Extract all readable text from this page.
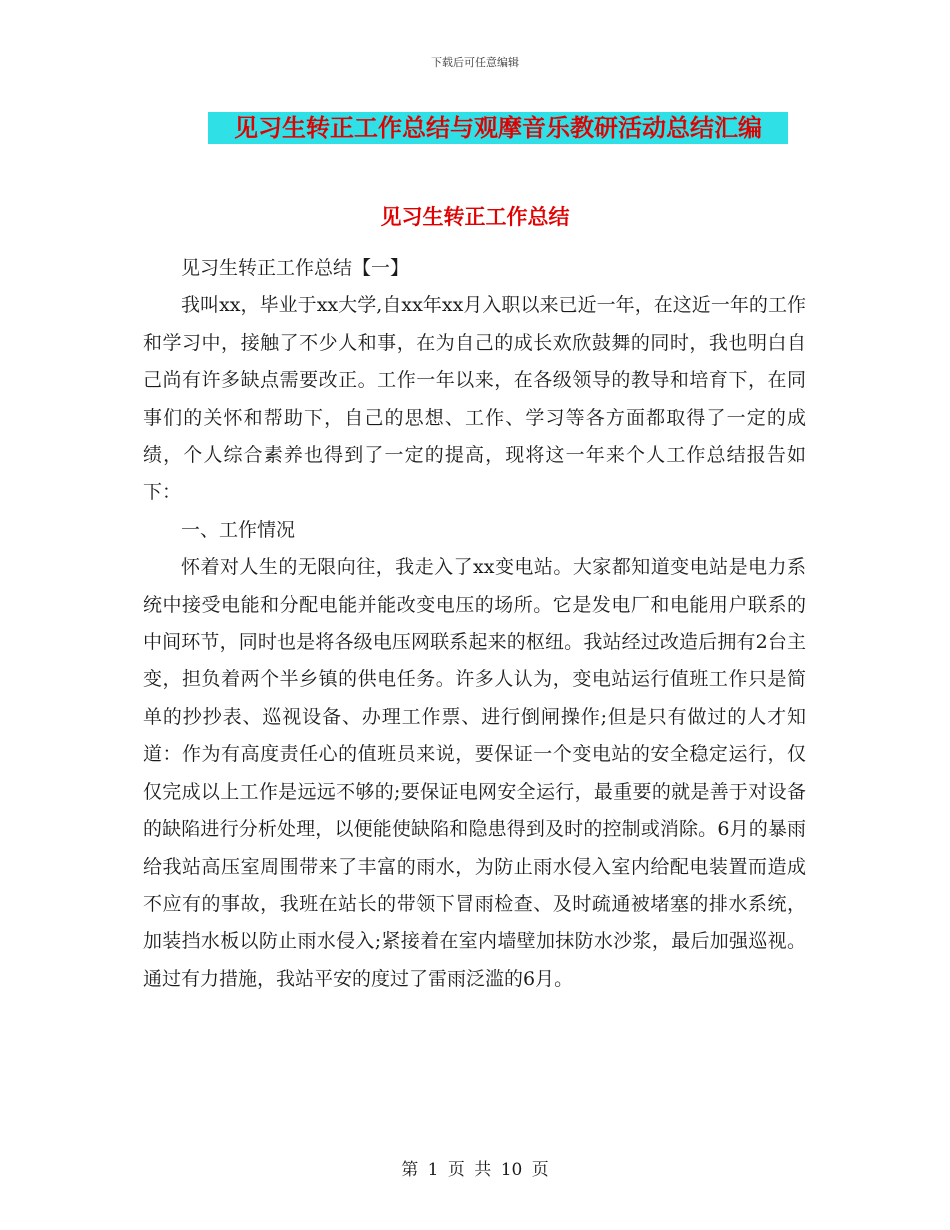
下载后可任意编辑
见习生转正工作总结与观摩音乐教研活动总结汇编
见习生转正工作总结

见习生转正工作总结【一】

我叫xx，毕业于xx大学,自xx年xx月入职以来已近一年，在这近一年的工作和学习中，接触了不少人和事，在为自己的成长欢欣鼓舞的同时，我也明白自己尚有许多缺点需要改正。工作一年以来，在各级领导的教导和培育下，在同事们的关怀和帮助下，自己的思想、工作、学习等各方面都取得了一定的成绩，个人综合素养也得到了一定的提高，现将这一年来个人工作总结报告如下：

一、工作情况

怀着对人生的无限向往，我走入了xx变电站。大家都知道变电站是电力系统中接受电能和分配电能并能改变电压的场所。它是发电厂和电能用户联系的中间环节，同时也是将各级电压网联系起来的枢纽。我站经过改造后拥有2台主变，担负着两个半乡镇的供电任务。许多人认为，变电站运行值班工作只是简单的抄抄表、巡视设备、办理工作票、进行倒闸操作;但是只有做过的人才知道：作为有高度责任心的值班员来说，要保证一个变电站的安全稳定运行，仅仅完成以上工作是远远不够的;要保证电网安全运行，最重要的就是善于对设备的缺陷进行分析处理，以便能使缺陷和隐患得到及时的控制或消除。6月的暴雨给我站高压室周围带来了丰富的雨水，为防止雨水侵入室内给配电装置而造成不应有的事故，我班在站长的带领下冒雨检查、及时疏通被堵塞的排水系统，加装挡水板以防止雨水侵入;紧接着在室内墙壁加抹防水沙浆，最后加强巡视。通过有力措施，我站平安的度过了雷雨泛滥的6月。

第 1 页 共 10 页
